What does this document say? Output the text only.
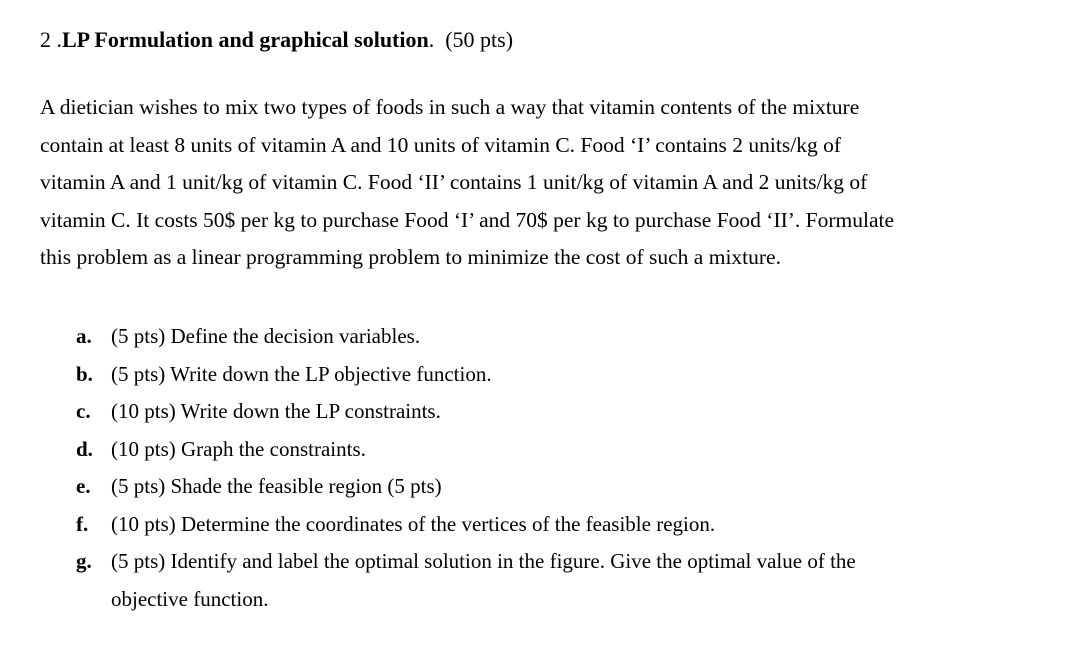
2 .LP Formulation and graphical solution. (50 pts)
A dietician wishes to mix two types of foods in such a way that vitamin contents of the mixture
contain at least 8 units of vitamin A and 10 units of vitamin C. Food ‘I’ contains 2 units/kg of
vitamin A and 1 unit/kg of vitamin C. Food ‘II’ contains 1 unit/kg of vitamin A and 2 units/kg of
vitamin C. It costs 50$ per kg to purchase Food ‘I’ and 70$ per kg to purchase Food ‘II’. Formulate
this problem as a linear programming problem to minimize the cost of such a mixture.
a. (5 pts) Define the decision variables.
b. (5 pts) Write down the LP objective function.
c. (10 pts) Write down the LP constraints.
d. (10 pts) Graph the constraints.
e. (5 pts) Shade the feasible region (5 pts)
f.	(10 pts) Determine the coordinates of the vertices of the feasible region.
g. (5 pts) Identify and label the optimal solution in the figure. Give the optimal value of the
objective function.
